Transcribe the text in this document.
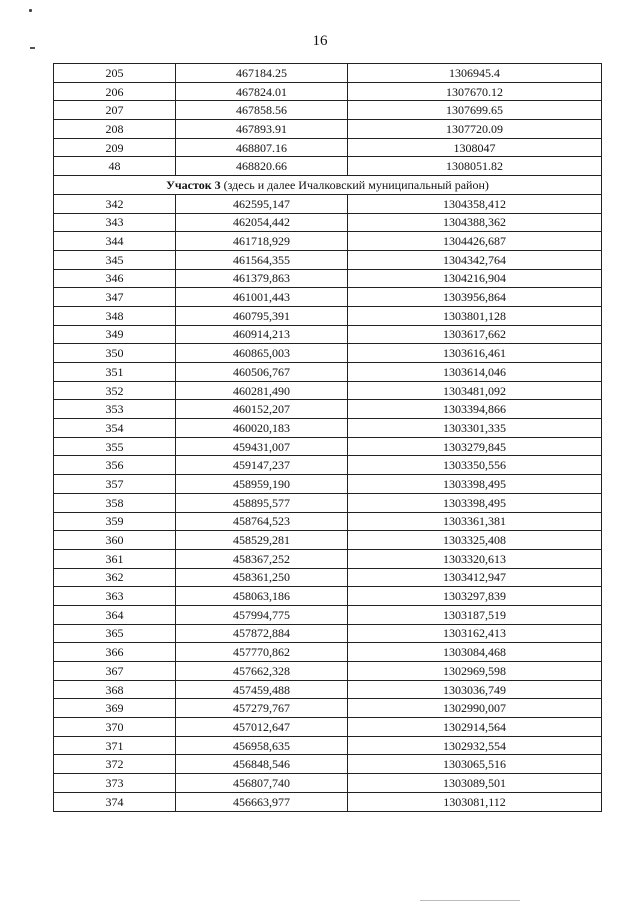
16
205	467184.25	1306945.4
206	467824.01	1307670.12
207	467858.56	1307699.65
208	467893.91	1307720.09
209	468807.16	1308047
48	468820.66	1308051.82
Участок 3 (здесь и далее Ичалковский муниципальный район)		
342	462595,147	1304358,412
343	462054,442	1304388,362
344	461718,929	1304426,687
345	461564,355	1304342,764
346	461379,863	1304216,904
347	461001,443	1303956,864
348	460795,391	1303801,128
349	460914,213	1303617,662
350	460865,003	1303616,461
351	460506,767	1303614,046
352	460281,490	1303481,092
353	460152,207	1303394,866
354	460020,183	1303301,335
355	459431,007	1303279,845
356	459147,237	1303350,556
357	458959,190	1303398,495
358	458895,577	1303398,495
359	458764,523	1303361,381
360	458529,281	1303325,408
361	458367,252	1303320,613
362	458361,250	1303412,947
363	458063,186	1303297,839
364	457994,775	1303187,519
365	457872,884	1303162,413
366	457770,862	1303084,468
367	457662,328	1302969,598
368	457459,488	1303036,749
369	457279,767	1302990,007
370	457012,647	1302914,564
371	456958,635	1302932,554
372	456848,546	1303065,516
373	456807,740	1303089,501
374	456663,977	1303081,112
